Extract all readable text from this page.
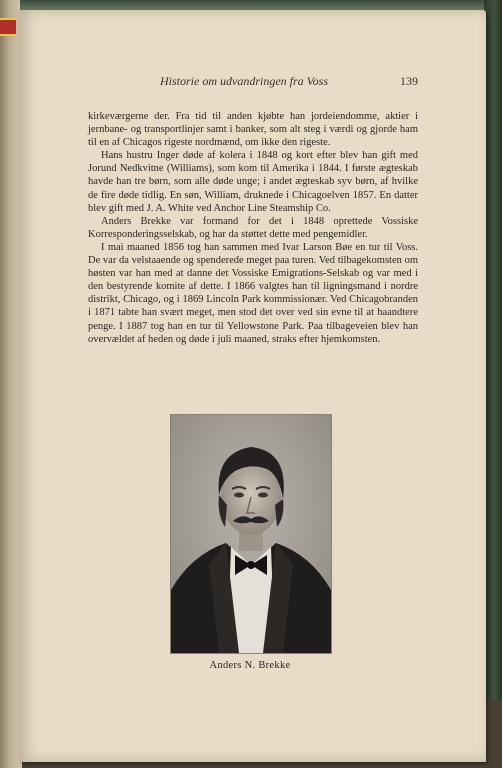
Historie om udvandringen fra Voss	139

kirkeværgerne der. Fra tid til anden kjøbte han jordeiendomme, aktier i jernbane- og transportlinjer samt i banker, som alt steg i værdi og gjorde ham til en af Chicagos rigeste nordmænd, om ikke den rigeste.

Hans hustru Inger døde af kolera i 1848 og kort efter blev han gift med Jorund Nedkvitne (Williams), som kom til Amerika i 1844. I første ægteskab havde han tre børn, som alle døde unge; i andet ægteskab syv børn, af hvilke de fire døde tidlig. En søn, William, druknede i Chicagoelven 1857. En datter blev gift med J. A. White ved Anchor Line Steamship Co.

Anders Brekke var formand for det i 1848 oprettede Vossiske Korresponderingsselskab, og har da støttet dette med pengemidler.

I mai maaned 1856 tog han sammen med Ivar Larson Bøe en tur til Voss. De var da velstaaende og spenderede meget paa turen. Ved tilbagekomsten om høsten var han med at danne det Vossiske Emigrations-Selskab og var med i den bestyrende komite af dette. I 1866 valgtes han til ligningsmand i nordre distrikt, Chicago, og i 1869 Lincoln Park kommissionær. Ved Chicagobranden i 1871 tabte han svært meget, men stod det over ved sin evne til at haandtere penge. I 1887 tog han en tur til Yellowstone Park. Paa tilbageveien blev han overvældet af heden og døde i juli maaned, straks efter hjemkomsten.

Anders N. Brekke
